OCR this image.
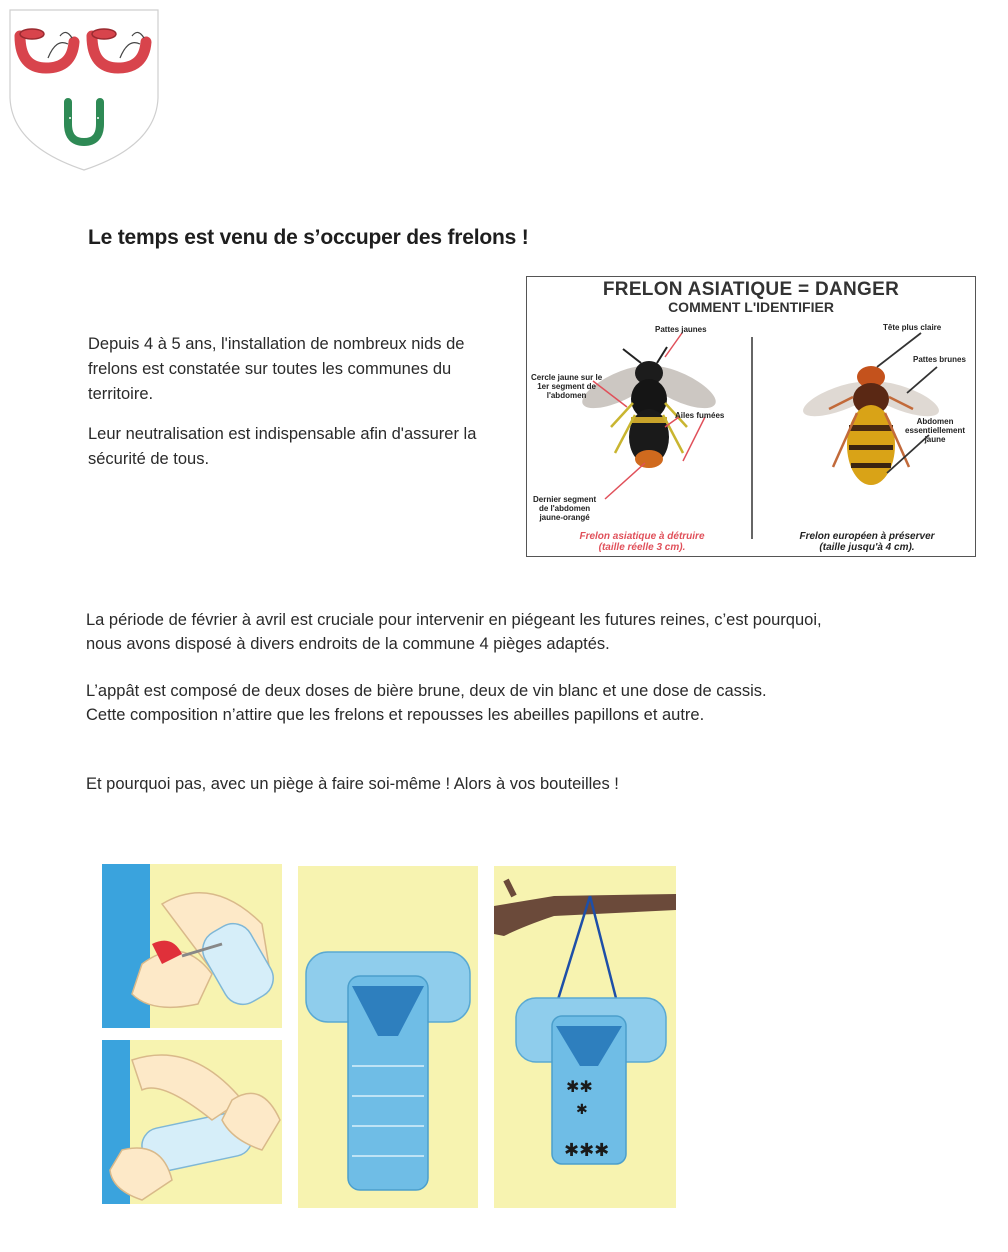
Le temps est venu de s’occuper des frelons !
Depuis 4 à 5 ans, l'installation de nombreux nids de
frelons est constatée sur toutes les communes du
territoire.
Leur neutralisation est indispensable afin d'assurer la
sécurité de tous.
FRELON ASIATIQUE = DANGER
COMMENT L'IDENTIFIER
Pattes jaunes
Cercle jaune sur le
1er segment de
l'abdomen
Ailes fumées
Dernier segment
de l'abdomen
jaune-orangé
Frelon asiatique à détruire
(taille réelle 3 cm).
Tête plus claire
Pattes brunes
Abdomen
essentiellement
jaune
Frelon européen à préserver
(taille jusqu'à 4 cm).
La période de février à avril est cruciale pour intervenir en piégeant les futures reines, c’est pourquoi,
nous avons disposé à divers endroits de la commune 4 pièges adaptés.
L’appât est composé de deux doses de bière brune, deux de vin blanc et une dose de cassis.
Cette composition n’attire que les frelons et repousses les abeilles papillons et autre.
Et pourquoi pas, avec un piège à faire soi-même ! Alors à vos bouteilles !
✱✱
✱
✱✱✱
